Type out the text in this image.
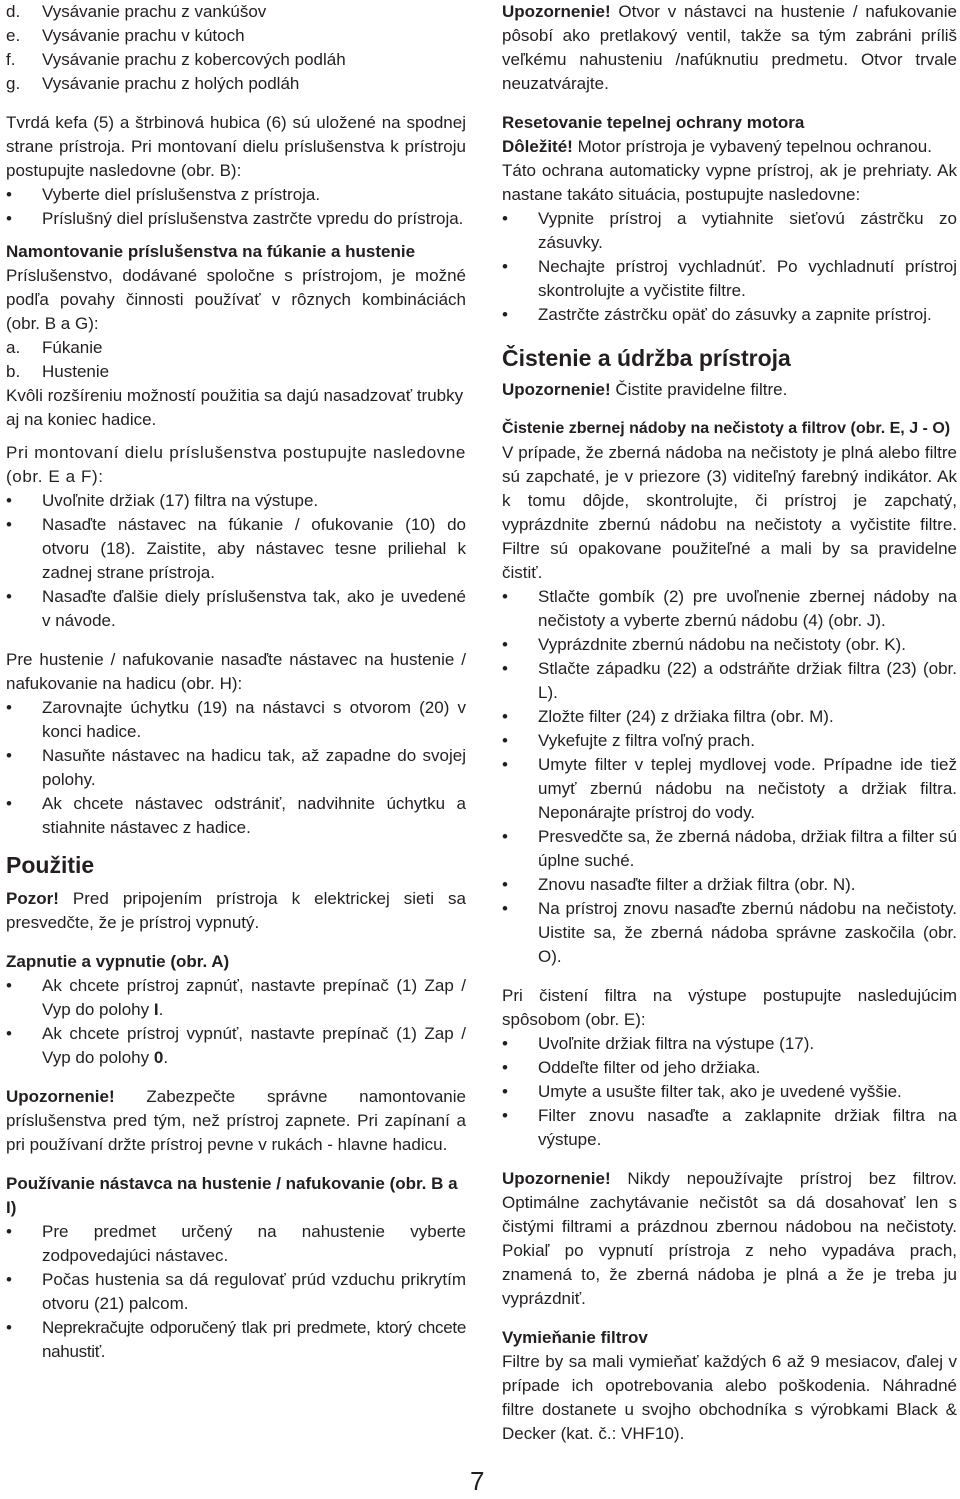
d. Vysávanie prachu z vankúšov
e. Vysávanie prachu v kútoch
f. Vysávanie prachu z kobercových podláh
g. Vysávanie prachu z holých podláh

Tvrdá kefa (5) a štrbinová hubica (6) sú uložené na spodnej strane prístroja. Pri montovaní dielu príslušenstva k prístroju postupujte nasledovne (obr. B):

• Vyberte diel príslušenstva z prístroja.
• Príslušný diel príslušenstva zastrčte vpredu do prístroja.

Namontovanie príslušenstva na fúkanie a hustenie

Príslušenstvo, dodávané spoločne s prístrojom, je možné podľa povahy činnosti používať v rôznych kombináciách (obr. B a G):

a. Fúkanie
b. Hustenie

Kvôli rozšíreniu možností použitia sa dajú nasadzovať trubky aj na koniec hadice.

Pri montovaní dielu príslušenstva postupujte nasledovne (obr. E a F):

• Uvoľnite držiak (17) filtra na výstupe.
• Nasaďte nástavec na fúkanie / ofukovanie (10) do otvoru (18). Zaistite, aby nástavec tesne priliehal k zadnej strane prístroja.
• Nasaďte ďalšie diely príslušenstva tak, ako je uvedené v návode.

Pre hustenie / nafukovanie nasaďte nástavec na hustenie / nafukovanie na hadicu (obr. H):

• Zarovnajte úchytku (19) na nástavci s otvorom (20) v konci hadice.
• Nasuňte nástavec na hadicu tak, až zapadne do svojej polohy.
• Ak chcete nástavec odstrániť, nadvihnite úchytku a stiahnite nástavec z hadice.
Použitie

Pozor! Pred pripojením prístroja k elektrickej sieti sa presvedčte, že je prístroj vypnutý.

Zapnutie a vypnutie (obr. A)

• Ak chcete prístroj zapnúť, nastavte prepínač (1) Zap / Vyp do polohy I.
• Ak chcete prístroj vypnúť, nastavte prepínač (1) Zap / Vyp do polohy 0.

Upozornenie! Zabezpečte správne namontovanie príslušenstva pred tým, než prístroj zapnete. Pri zapínaní a pri používaní držte prístroj pevne v rukách - hlavne hadicu.

Používanie nástavca na hustenie / nafukovanie (obr. B a I)

• Pre predmet určený na nahustenie vyberte zodpovedajúci nástavec.
• Počas hustenia sa dá regulovať prúd vzduchu prikrytím otvoru (21) palcom.
• Neprekračujte odporučený tlak pri predmete, ktorý chcete nahustiť.

Upozornenie! Otvor v nástavci na hustenie / nafukovanie pôsobí ako pretlakový ventil, takže sa tým zabráni príliš veľkému nahusteniu /nafúknutiu predmetu. Otvor trvale neuzatvárajte.

Resetovanie tepelnej ochrany motora

Dôležité! Motor prístroja je vybavený tepelnou ochranou.

Táto ochrana automaticky vypne prístroj, ak je prehriaty. Ak nastane takáto situácia, postupujte nasledovne:

• Vypnite prístroj a vytiahnite sieťovú zástrčku zo zásuvky.
• Nechajte prístroj vychladnúť. Po vychladnutí prístroj skontrolujte a vyčistite filtre.
• Zastrčte zástrčku opäť do zásuvky a zapnite prístroj.
Čistenie a údržba prístroja

Upozornenie! Čistite pravidelne filtre.

Čistenie zbernej nádoby na nečistoty a filtrov (obr. E, J - O)

V prípade, že zberná nádoba na nečistoty je plná alebo filtre sú zapchaté, je v priezore (3) viditeľný farebný indikátor. Ak k tomu dôjde, skontrolujte, či prístroj je zapchatý, vyprázdnite zbernú nádobu na nečistoty a vyčistite filtre. Filtre sú opakovane použiteľné a mali by sa pravidelne čistiť.

• Stlačte gombík (2) pre uvoľnenie zbernej nádoby na nečistoty a vyberte zbernú nádobu (4) (obr. J).
• Vyprázdnite zbernú nádobu na nečistoty (obr. K).
• Stlačte západku (22) a odstráňte držiak filtra (23) (obr. L).
• Zložte filter (24) z držiaka filtra (obr. M).
• Vykefujte z filtra voľný prach.
• Umyte filter v teplej mydlovej vode. Prípadne ide tiež umyť zbernú nádobu na nečistoty a držiak filtra. Neponárajte prístroj do vody.
• Presvedčte sa, že zberná nádoba, držiak filtra a filter sú úplne suché.
• Znovu nasaďte filter a držiak filtra (obr. N).
• Na prístroj znovu nasaďte zbernú nádobu na nečistoty. Uistite sa, že zberná nádoba správne zaskočila (obr. O).

Pri čistení filtra na výstupe postupujte nasledujúcim spôsobom (obr. E):

• Uvoľnite držiak filtra na výstupe (17).
• Oddeľte filter od jeho držiaka.
• Umyte a usušte filter tak, ako je uvedené vyššie.
• Filter znovu nasaďte a zaklapnite držiak filtra na výstupe.

Upozornenie! Nikdy nepoužívajte prístroj bez filtrov. Optimálne zachytávanie nečistôt sa dá dosahovať len s čistými filtrami a prázdnou zbernou nádobou na nečistoty. Pokiaľ po vypnutí prístroja z neho vypadáva prach, znamená to, že zberná nádoba je plná a že je treba ju vyprázdniť.

Vymieňanie filtrov

Filtre by sa mali vymieňať každých 6 až 9 mesiacov, ďalej v prípade ich opotrebovania alebo poškodenia. Náhradné filtre dostanete u svojho obchodníka s výrobkami Black & Decker (kat. č.: VHF10).

7
